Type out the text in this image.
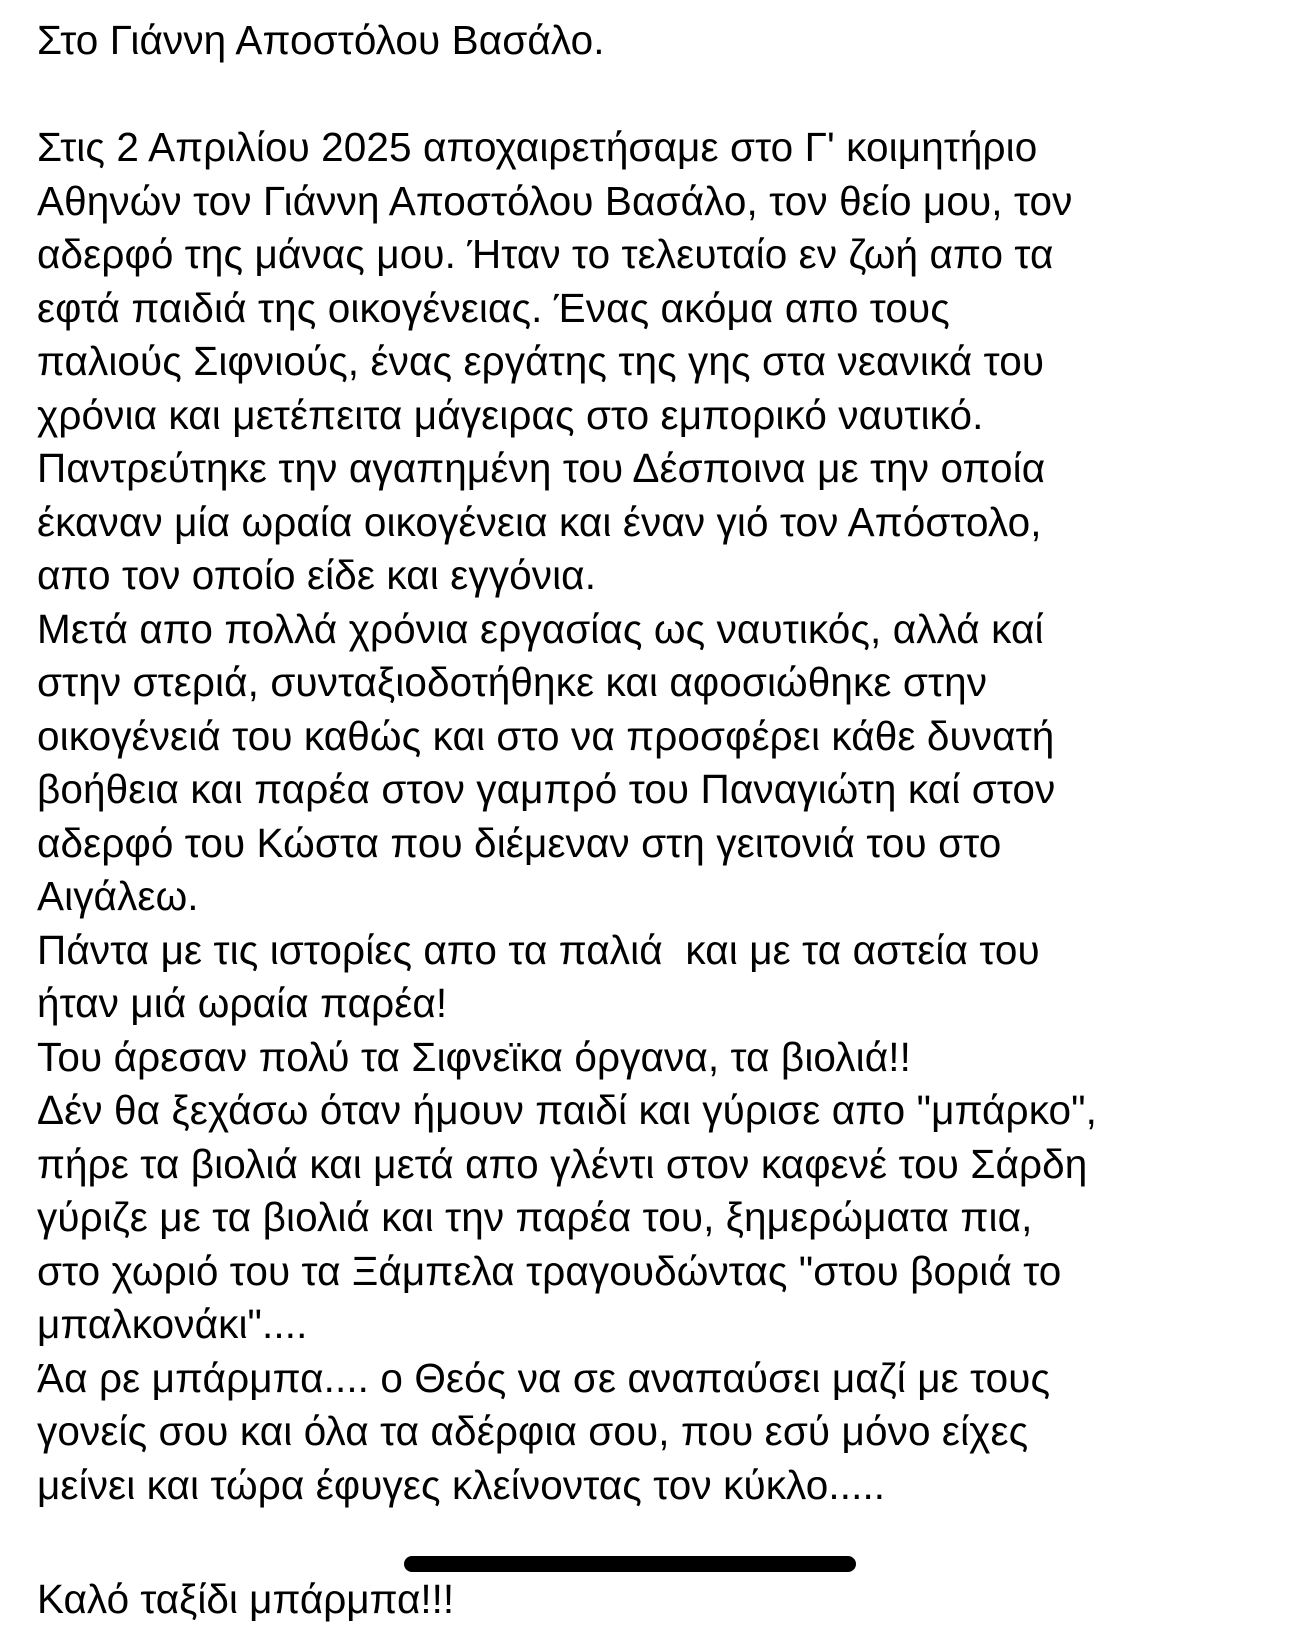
Στο Γιάννη Αποστόλου Βασάλο.
Στις 2 Απριλίου 2025 αποχαιρετήσαμε στο Γ' κοιμητήριο
Αθηνών τον Γιάννη Αποστόλου Βασάλο, τον θείο μου, τον
αδερφό της μάνας μου. Ήταν το τελευταίο εν ζωή απο τα
εφτά παιδιά της οικογένειας. Ένας ακόμα απο τους
παλιούς Σιφνιούς, ένας εργάτης της γης στα νεανικά του
χρόνια και μετέπειτα μάγειρας στο εμπορικό ναυτικό.
Παντρεύτηκε την αγαπημένη του Δέσποινα με την οποία
έκαναν μία ωραία οικογένεια και έναν γιό τον Απόστολο,
απο τον οποίο είδε και εγγόνια.
Μετά απο πολλά χρόνια εργασίας ως ναυτικός, αλλά καί
στην στεριά, συνταξιοδοτήθηκε και αφοσιώθηκε στην
οικογένειά του καθώς και στο να προσφέρει κάθε δυνατή
βοήθεια και παρέα στον γαμπρό του Παναγιώτη καί στον
αδερφό του Κώστα που διέμεναν στη γειτονιά του στο
Αιγάλεω.
Πάντα με τις ιστορίες απο τα παλιά  και με τα αστεία του
ήταν μιά ωραία παρέα!
Του άρεσαν πολύ τα Σιφνεϊκα όργανα, τα βιολιά!!
Δέν θα ξεχάσω όταν ήμουν παιδί και γύρισε απο "μπάρκο",
πήρε τα βιολιά και μετά απο γλέντι στον καφενέ του Σάρδη
γύριζε με τα βιολιά και την παρέα του, ξημερώματα πια,
στο χωριό του τα Ξάμπελα τραγουδώντας "στου βοριά το
μπαλκονάκι"....
Άα ρε μπάρμπα.... ο Θεός να σε αναπαύσει μαζί με τους
γονείς σου και όλα τα αδέρφια σου, που εσύ μόνο είχες
μείνει και τώρα έφυγες κλείνοντας τον κύκλο.....
Καλό ταξίδι μπάρμπα!!!
